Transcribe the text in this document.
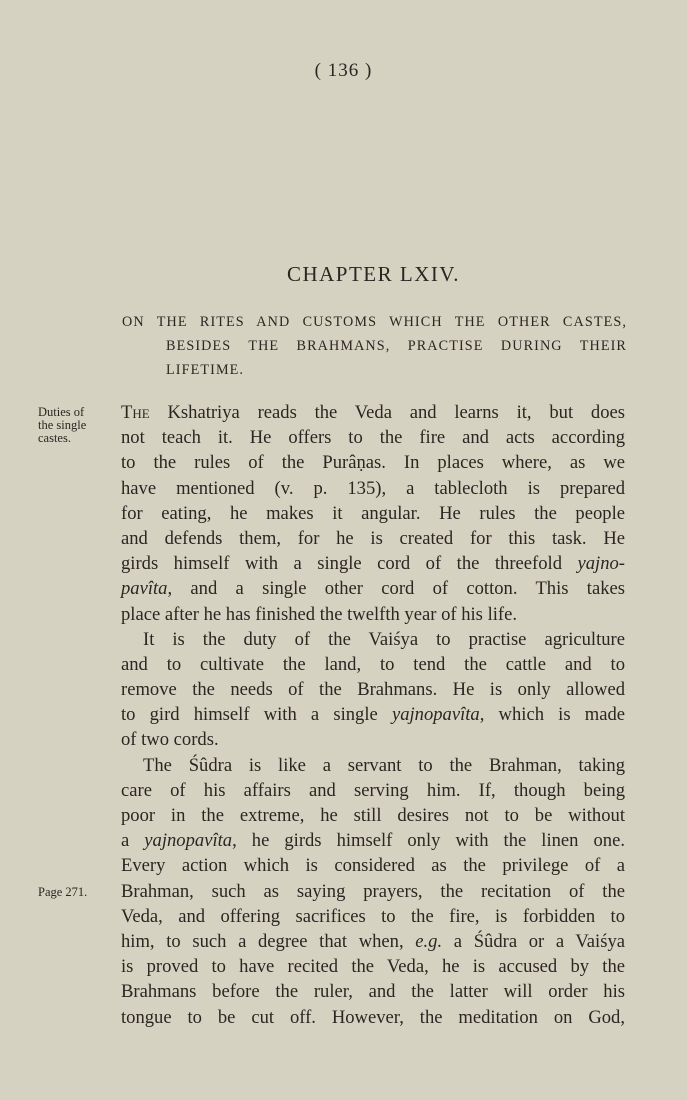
( 136 )
CHAPTER LXIV.
ON THE RITES AND CUSTOMS WHICH THE OTHER CASTES,
BESIDES THE BRAHMANS, PRACTISE DURING THEIR
LIFETIME.
Duties of
the single
castes.
Page 271.
The Kshatriya reads the Veda and learns it, but does
not teach it. He offers to the fire and acts according
to the rules of the Purâṇas. In places where, as we
have mentioned (v. p. 135), a tablecloth is prepared
for eating, he makes it angular. He rules the people
and defends them, for he is created for this task. He
girds himself with a single cord of the threefold yajno-
pavîta, and a single other cord of cotton. This takes
place after he has finished the twelfth year of his life.
It is the duty of the Vaiśya to practise agriculture
and to cultivate the land, to tend the cattle and to
remove the needs of the Brahmans. He is only allowed
to gird himself with a single yajnopavîta, which is made
of two cords.
The Śûdra is like a servant to the Brahman, taking
care of his affairs and serving him. If, though being
poor in the extreme, he still desires not to be without
a yajnopavîta, he girds himself only with the linen one.
Every action which is considered as the privilege of a
Brahman, such as saying prayers, the recitation of the
Veda, and offering sacrifices to the fire, is forbidden to
him, to such a degree that when, e.g. a Śûdra or a Vaiśya
is proved to have recited the Veda, he is accused by the
Brahmans before the ruler, and the latter will order his
tongue to be cut off. However, the meditation on God,
